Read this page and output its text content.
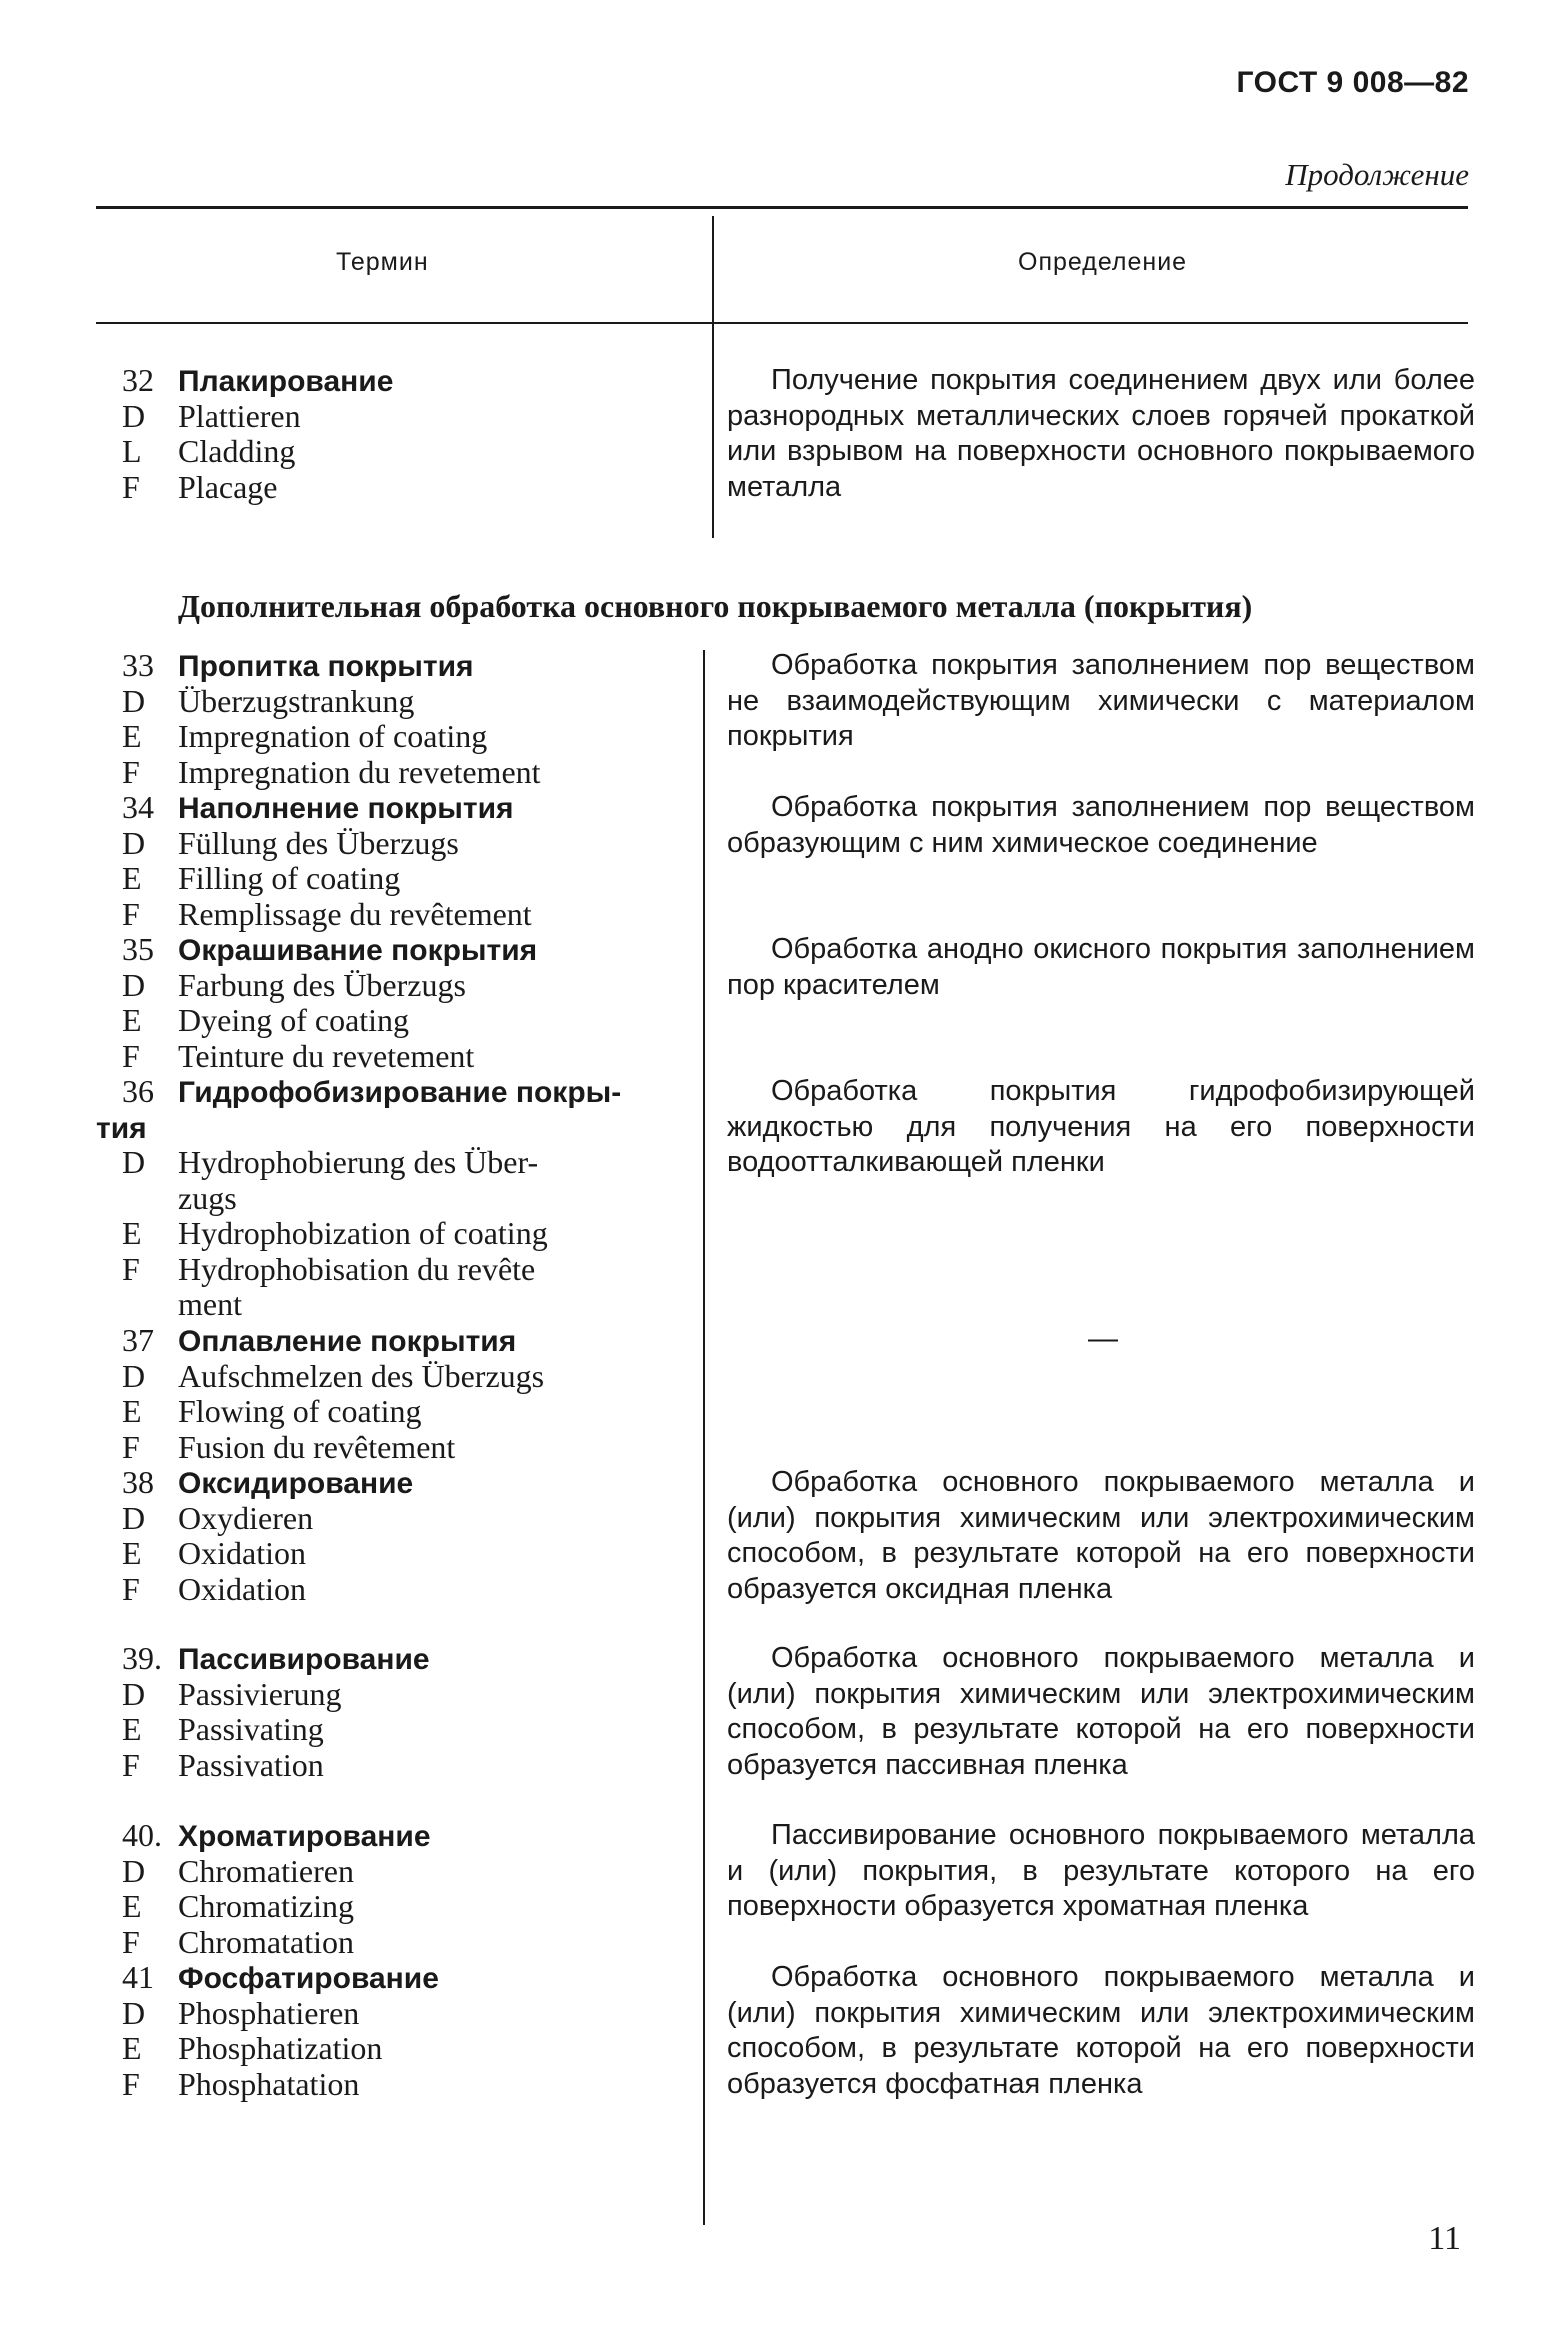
ГОСТ 9 008—82
Продолжение
Термин	Определение
32 Плакирование
D Plattieren
L Cladding
F Placage
Получение покрытия соединением двух или более разнородных металлических слоев горячей прокаткой или взрывом на поверхности основного покрываемого металла
Дополнительная обработка основного покрываемого металла (покрытия)
33 Пропитка покрытия
D Überzugstrankung
E Impregnation of coating
F Impregnation du revetement
34 Наполнение покрытия
D Füllung des Überzugs
E Filling of coating
F Remplissage du revêtement
35 Окрашивание покрытия
D Farbung des Überzugs
E Dyeing of coating
F Teinture du revetement
36 Гидрофобизирование покры-
тия
D Hydrophobierung des Über-
zugs
E Hydrophobization of coating
F Hydrophobisation du revête
ment
37 Оплавление покрытия
D Aufschmelzen des Überzugs
E Flowing of coating
F Fusion du revêtement
38 Оксидирование
D Oxydieren
E Oxidation
F Oxidation
39. Пассивирование
D Passivierung
E Passivating
F Passivation
40. Хроматирование
D Chromatieren
E Chromatizing
F Chromatation
41 Фосфатирование
D Phosphatieren
E Phosphatization
F Phosphatation
Обработка покрытия заполнением пор веществом не взаимодействующим химически с материалом покрытия
Обработка покрытия заполнением пор веществом образующим с ним химическое соединение
Обработка анодно окисного покрытия заполнением пор красителем
Обработка покрытия гидрофобизирующей жидкостью для получения на его поверхности водоотталкивающей пленки
Обработка основного покрываемого металла и (или) покрытия химическим или электрохимическим способом, в результате которой на его поверхности образуется оксидная пленка
Обработка основного покрываемого металла и (или) покрытия химическим или электрохимическим способом, в результате которой на его поверхности образуется пассивная пленка
Пассивирование основного покрываемого металла и (или) покрытия, в результате которого на его поверхности образуется хроматная пленка
Обработка основного покрываемого металла и (или) покрытия химическим или электрохимическим способом, в результате которой на его поверхности образуется фосфатная пленка
—
11
